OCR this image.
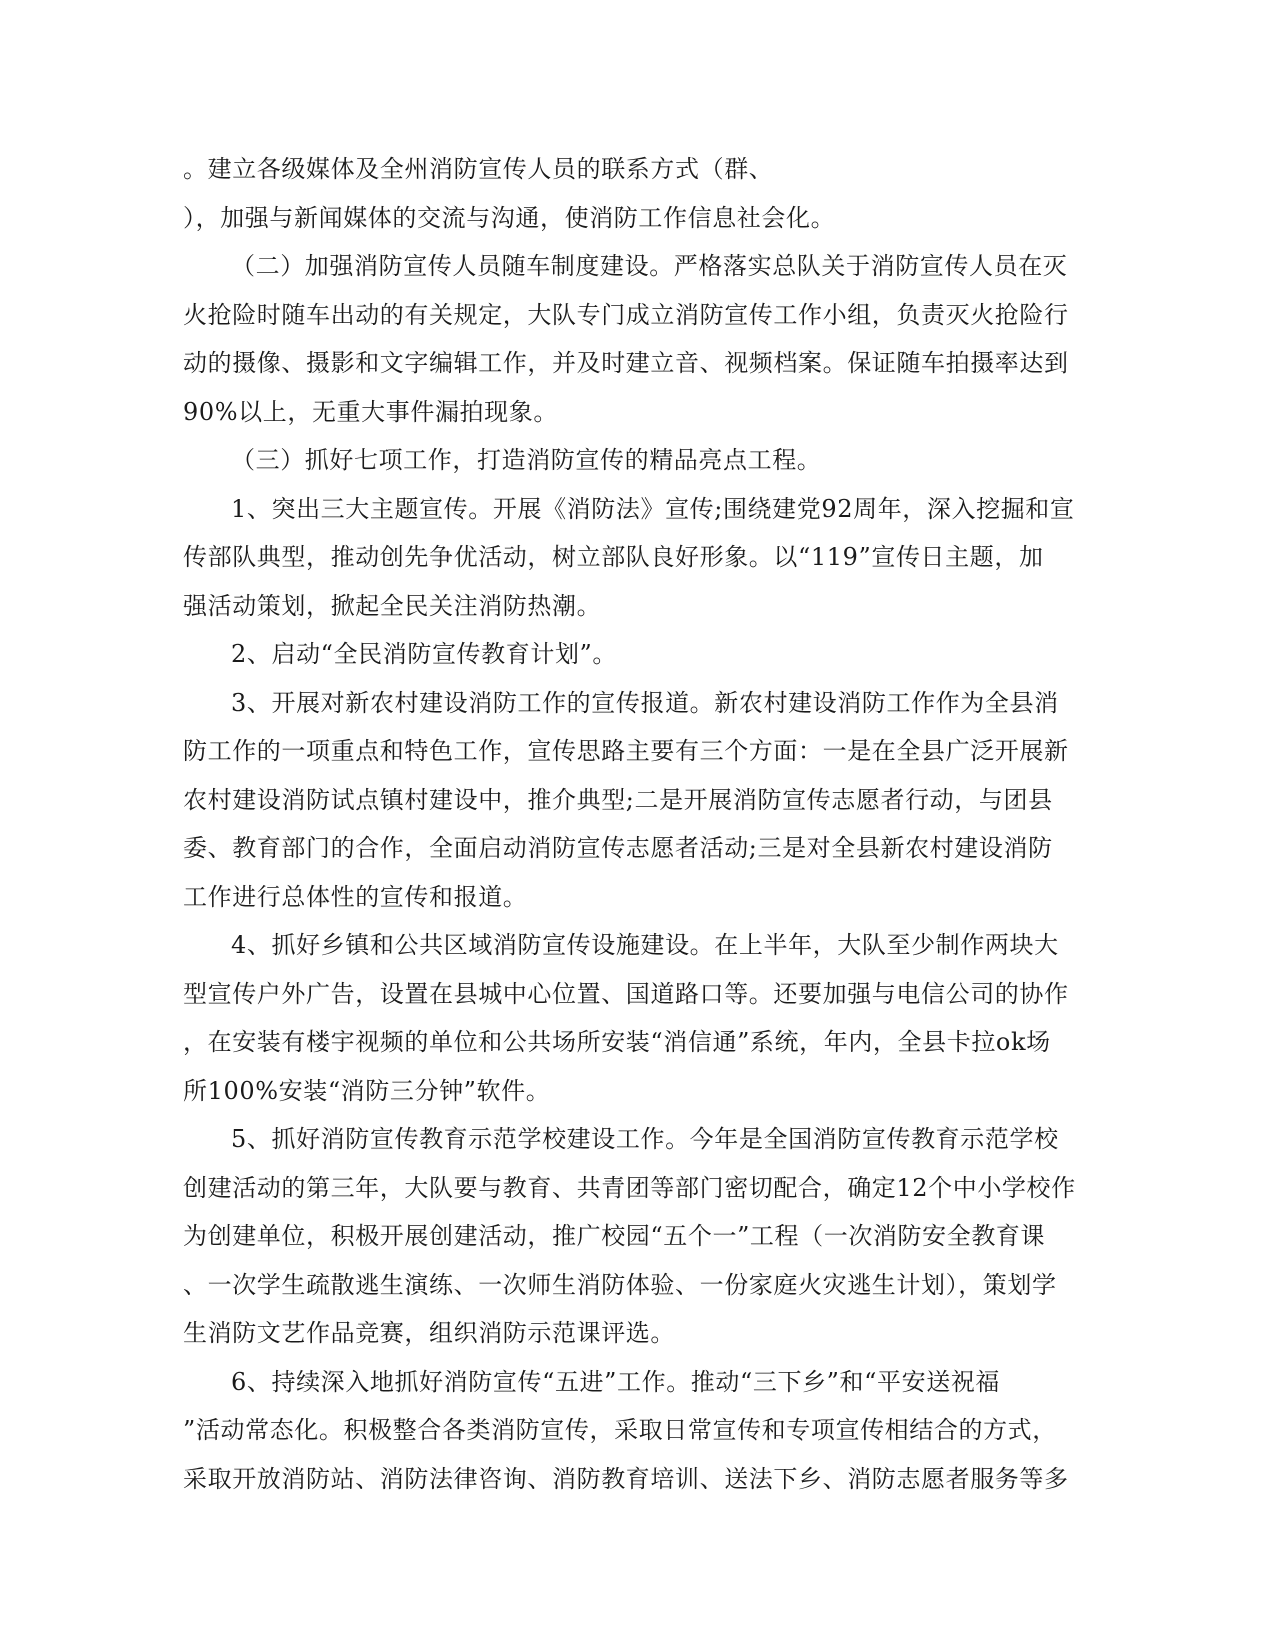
。建立各级媒体及全州消防宣传人员的联系方式（群、
），加强与新闻媒体的交流与沟通，使消防工作信息社会化。
（二）加强消防宣传人员随车制度建设。严格落实总队关于消防宣传人员在灭
火抢险时随车出动的有关规定，大队专门成立消防宣传工作小组，负责灭火抢险行
动的摄像、摄影和文字编辑工作，并及时建立音、视频档案。保证随车拍摄率达到
90%以上，无重大事件漏拍现象。
（三）抓好七项工作，打造消防宣传的精品亮点工程。
1、突出三大主题宣传。开展《消防法》宣传;围绕建党92周年，深入挖掘和宣
传部队典型，推动创先争优活动，树立部队良好形象。以“119”宣传日主题，加
强活动策划，掀起全民关注消防热潮。
2、启动“全民消防宣传教育计划”。
3、开展对新农村建设消防工作的宣传报道。新农村建设消防工作作为全县消
防工作的一项重点和特色工作，宣传思路主要有三个方面：一是在全县广泛开展新
农村建设消防试点镇村建设中，推介典型;二是开展消防宣传志愿者行动，与团县
委、教育部门的合作，全面启动消防宣传志愿者活动;三是对全县新农村建设消防
工作进行总体性的宣传和报道。
4、抓好乡镇和公共区域消防宣传设施建设。在上半年，大队至少制作两块大
型宣传户外广告，设置在县城中心位置、国道路口等。还要加强与电信公司的协作
，在安装有楼宇视频的单位和公共场所安装“消信通”系统，年内，全县卡拉ok场
所100%安装“消防三分钟”软件。
5、抓好消防宣传教育示范学校建设工作。今年是全国消防宣传教育示范学校
创建活动的第三年，大队要与教育、共青团等部门密切配合，确定12个中小学校作
为创建单位，积极开展创建活动，推广校园“五个一”工程（一次消防安全教育课
、一次学生疏散逃生演练、一次师生消防体验、一份家庭火灾逃生计划），策划学
生消防文艺作品竞赛，组织消防示范课评选。
6、持续深入地抓好消防宣传“五进”工作。推动“三下乡”和“平安送祝福
”活动常态化。积极整合各类消防宣传，采取日常宣传和专项宣传相结合的方式，
采取开放消防站、消防法律咨询、消防教育培训、送法下乡、消防志愿者服务等多
